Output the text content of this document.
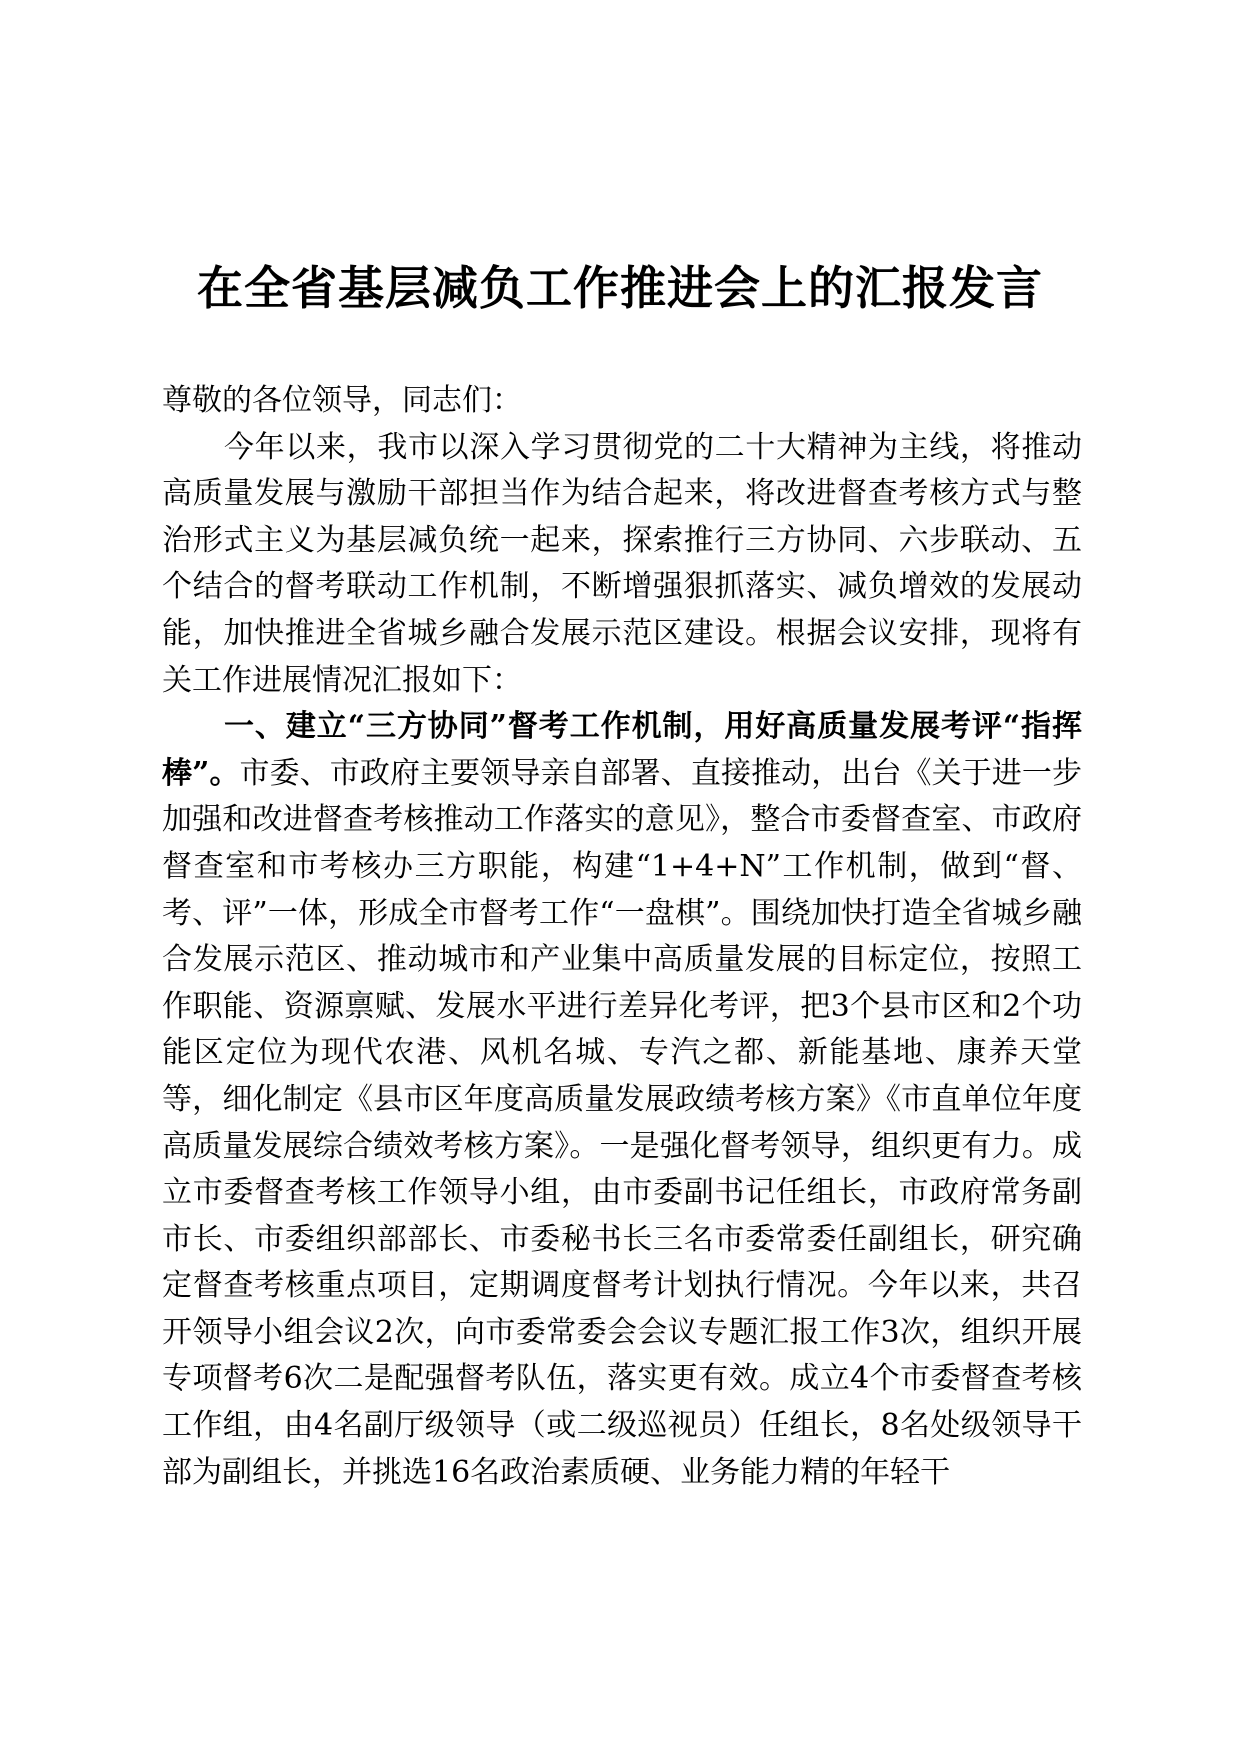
在全省基层减负工作推进会上的汇报发言

尊敬的各位领导，同志们：

今年以来，我市以深入学习贯彻党的二十大精神为主线，将推动高质量发展与激励干部担当作为结合起来，将改进督查考核方式与整治形式主义为基层减负统一起来，探索推行三方协同、六步联动、五个结合的督考联动工作机制，不断增强狠抓落实、减负增效的发展动能，加快推进全省城乡融合发展示范区建设。根据会议安排，现将有关工作进展情况汇报如下：

一、建立“三方协同”督考工作机制，用好高质量发展考评“指挥棒”。市委、市政府主要领导亲自部署、直接推动，出台《关于进一步加强和改进督查考核推动工作落实的意见》，整合市委督查室、市政府督查室和市考核办三方职能，构建“1+4+N”工作机制，做到“督、考、评”一体，形成全市督考工作“一盘棋”。围绕加快打造全省城乡融合发展示范区、推动城市和产业集中高质量发展的目标定位，按照工作职能、资源禀赋、发展水平进行差异化考评，把3个县市区和2个功能区定位为现代农港、风机名城、专汽之都、新能基地、康养天堂等，细化制定《县市区年度高质量发展政绩考核方案》《市直单位年度高质量发展综合绩效考核方案》。一是强化督考领导，组织更有力。成立市委督查考核工作领导小组，由市委副书记任组长，市政府常务副市长、市委组织部部长、市委秘书长三名市委常委任副组长，研究确定督查考核重点项目，定期调度督考计划执行情况。今年以来，共召开领导小组会议2次，向市委常委会会议专题汇报工作3次，组织开展专项督考6次二是配强督考队伍，落实更有效。成立4个市委督查考核工作组，由4名副厅级领导（或二级巡视员）任组长，8名处级领导干部为副组长，并挑选16名政治素质硬、业务能力精的年轻干
